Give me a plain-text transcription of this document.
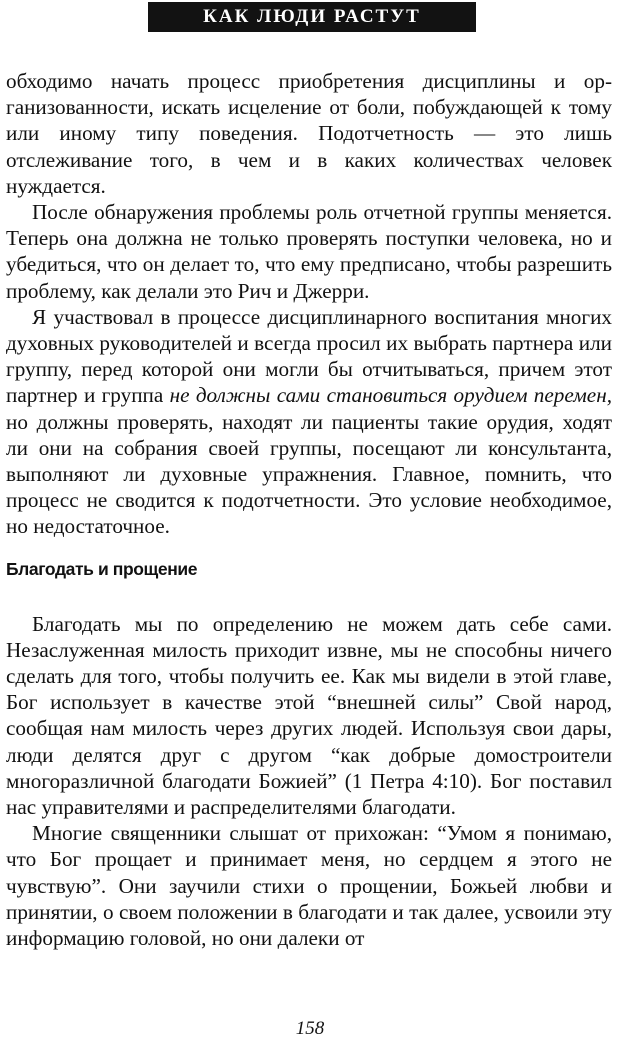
КАК ЛЮДИ РАСТУТ

обходимо начать процесс приобретения дисциплины и организованности, искать исцеление от боли, побуждающей к тому или иному типу поведения. Подотчетность — это лишь отслеживание того, в чем и в каких количествах человек нуждается.

После обнаружения проблемы роль отчетной группы меняется. Теперь она должна не только проверять поступки человека, но и убедиться, что он делает то, что ему предписано, чтобы разрешить проблему, как делали это Рич и Джерри.

Я участвовал в процессе дисциплинарного воспитания многих духовных руководителей и всегда просил их выбрать партнера или группу, перед которой они могли бы отчитываться, причем этот партнер и группа не должны сами становиться орудием перемен, но должны проверять, находят ли пациенты такие орудия, ходят ли они на собрания своей группы, посещают ли консультанта, выполняют ли духовные упражнения. Главное, помнить, что процесс не сводится к подотчетности. Это условие необходимое, но недостаточное.

Благодать и прощение

Благодать мы по определению не можем дать себе сами. Незаслуженная милость приходит извне, мы не способны ничего сделать для того, чтобы получить ее. Как мы видели в этой главе, Бог использует в качестве этой “внешней силы” Свой народ, сообщая нам милость через других людей. Используя свои дары, люди делятся друг с другом “как добрые домостроители многоразличной благодати Божией” (1 Петра 4:10). Бог поставил нас управителями и распределителями благодати.

Многие священники слышат от прихожан: “Умом я понимаю, что Бог прощает и принимает меня, но сердцем я этого не чувствую”. Они заучили стихи о прощении, Божьей любви и принятии, о своем положении в благодати и так далее, усвоили эту информацию головой, но они далеки от

158
